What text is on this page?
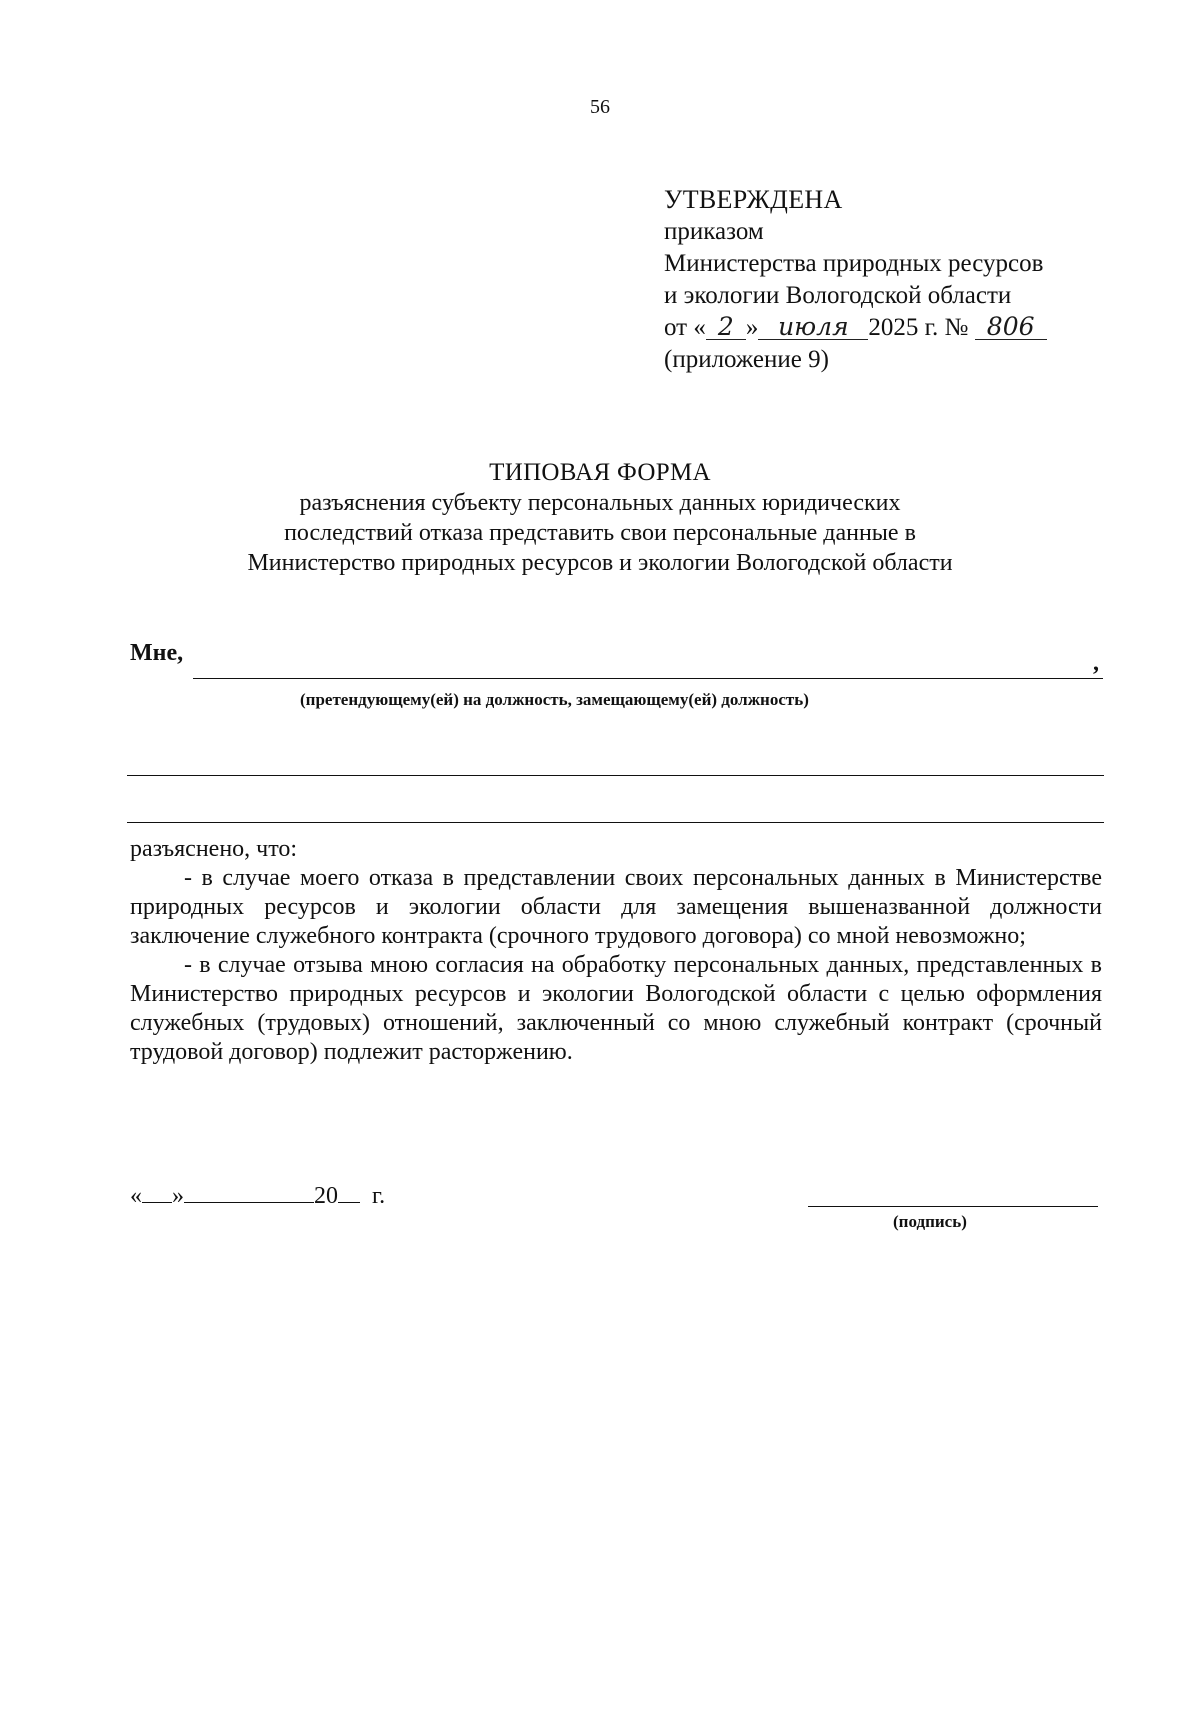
56
УТВЕРЖДЕНА
приказом
Министерства природных ресурсов
и экологии Вологодской области
от « 2 » июля 2025 г. № 806
(приложение 9)
ТИПОВАЯ ФОРМА
разъяснения субъекту персональных данных юридических
последствий отказа представить свои персональные данные в
Министерство природных ресурсов и экологии Вологодской области
Мне,	,
(претендующему(ей) на должность, замещающему(ей) должность)

разъяснено, что:

- в случае моего отказа в представлении своих персональных данных в Министерстве природных ресурсов и экологии области для замещения вышеназванной должности заключение служебного контракта (срочного трудового договора) со мной невозможно;

- в случае отзыва мною согласия на обработку персональных данных, представленных в Министерство природных ресурсов и экологии Вологодской области с целью оформления служебных (трудовых) отношений, заключенный со мною служебный контракт (срочный трудовой договор) подлежит расторжению.

« »	20 г.
(подпись)
